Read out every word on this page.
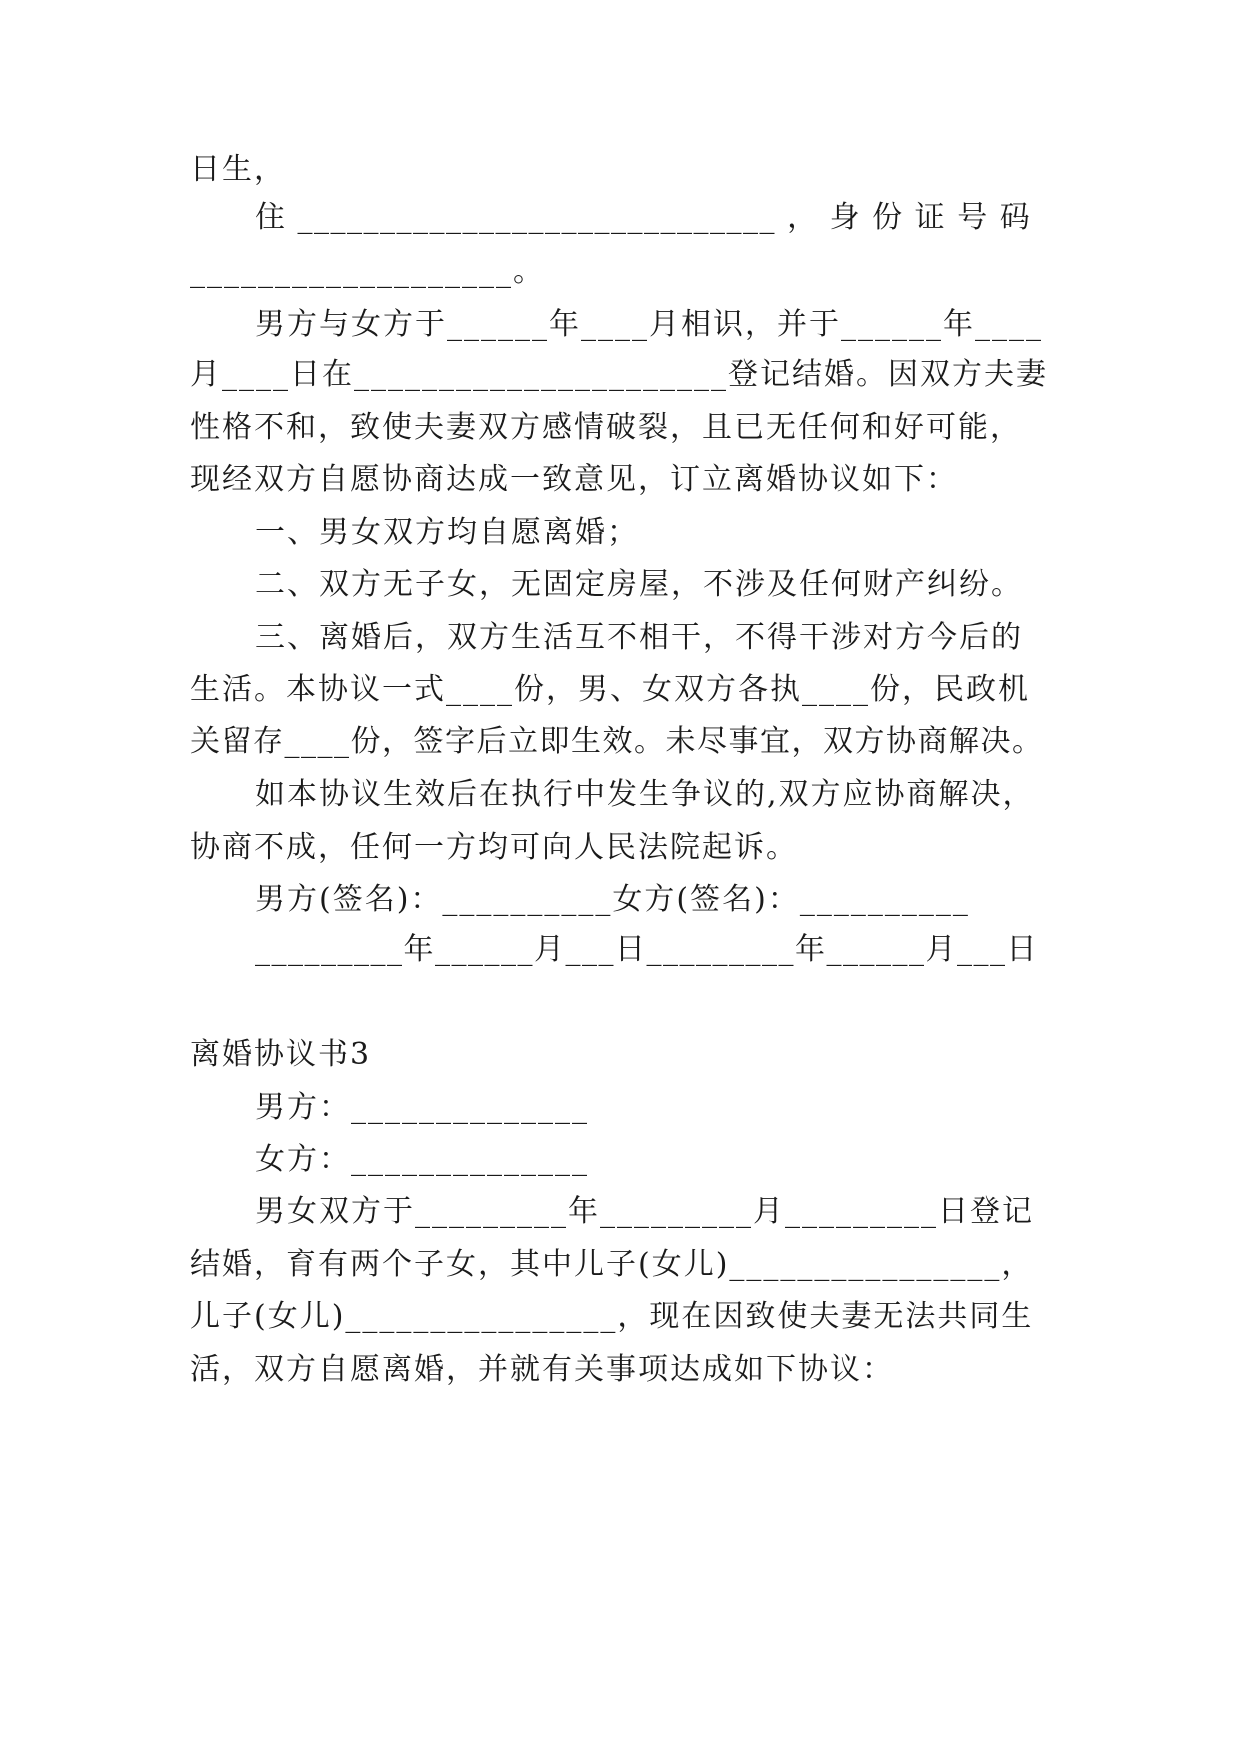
日生，
住 _____________________________ ， 身 份 证 号 码
___________________。
男方与女方于______年____月相识，并于______年____
月____日在______________________登记结婚。因双方夫妻
性格不和，致使夫妻双方感情破裂，且已无任何和好可能，
现经双方自愿协商达成一致意见，订立离婚协议如下：
一、男女双方均自愿离婚；
二、双方无子女，无固定房屋，不涉及任何财产纠纷。
三、离婚后，双方生活互不相干，不得干涉对方今后的
生活。本协议一式____份，男、女双方各执____份，民政机
关留存____份，签字后立即生效。未尽事宜，双方协商解决。
如本协议生效后在执行中发生争议的,双方应协商解决，
协商不成，任何一方均可向人民法院起诉。
男方(签名)：__________女方(签名)：__________
_________年______月___日_________年______月___日
离婚协议书3
男方：______________
女方：______________
男女双方于_________年_________月_________日登记
结婚，育有两个子女，其中儿子(女儿)________________，
儿子(女儿)________________，现在因致使夫妻无法共同生
活，双方自愿离婚，并就有关事项达成如下协议：
